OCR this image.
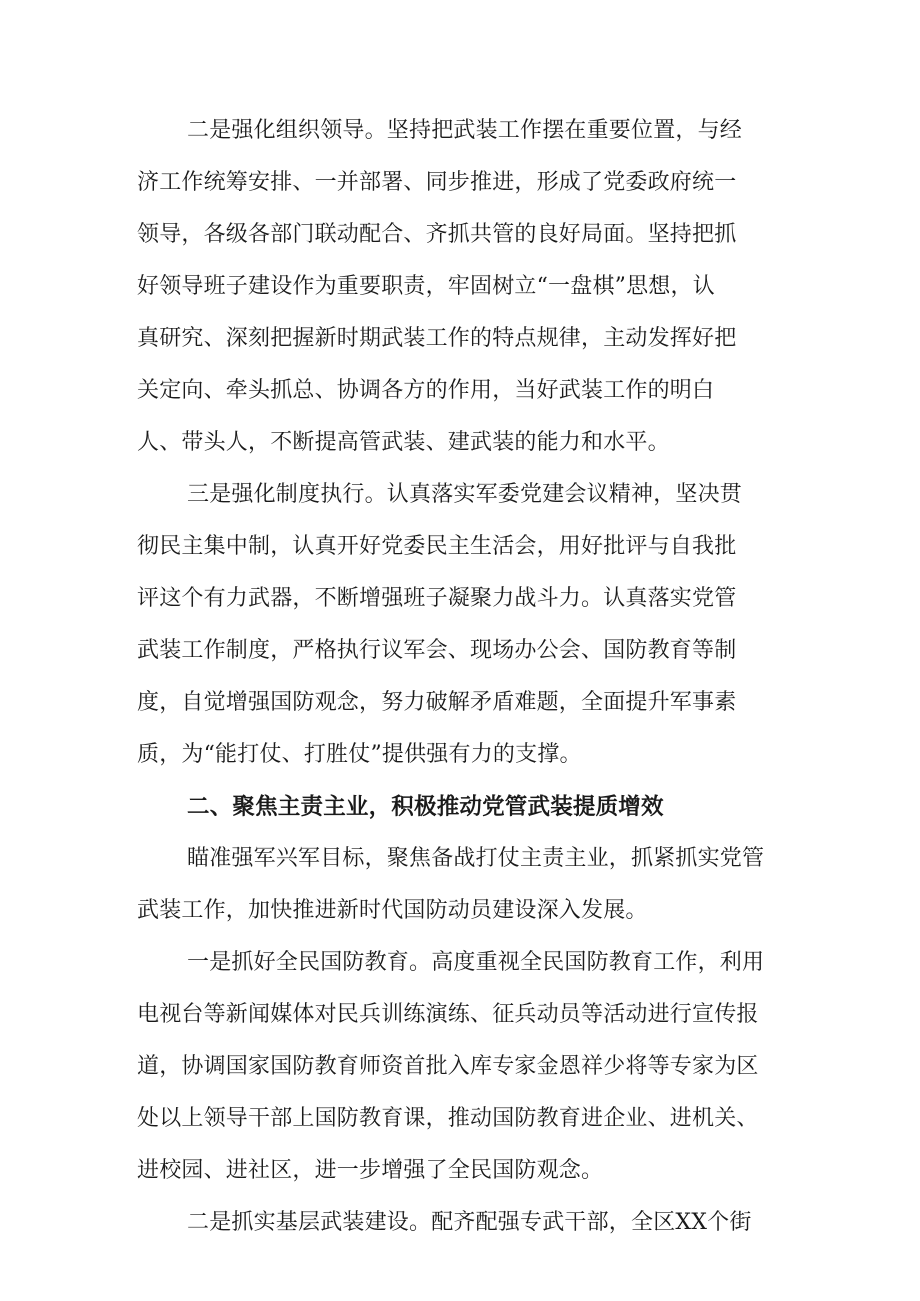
二是强化组织领导。坚持把武装工作摆在重要位置，与经
济工作统筹安排、一并部署、同步推进，形成了党委政府统一
领导，各级各部门联动配合、齐抓共管的良好局面。坚持把抓
好领导班子建设作为重要职责，牢固树立“一盘棋”思想，认
真研究、深刻把握新时期武装工作的特点规律，主动发挥好把
关定向、牵头抓总、协调各方的作用，当好武装工作的明白
人、带头人，不断提高管武装、建武装的能力和水平。
三是强化制度执行。认真落实军委党建会议精神，坚决贯
彻民主集中制，认真开好党委民主生活会，用好批评与自我批
评这个有力武器，不断增强班子凝聚力战斗力。认真落实党管
武装工作制度，严格执行议军会、现场办公会、国防教育等制
度，自觉增强国防观念，努力破解矛盾难题，全面提升军事素
质，为“能打仗、打胜仗”提供强有力的支撑。
二、聚焦主责主业，积极推动党管武装提质增效
瞄准强军兴军目标，聚焦备战打仗主责主业，抓紧抓实党管
武装工作，加快推进新时代国防动员建设深入发展。
一是抓好全民国防教育。高度重视全民国防教育工作，利用
电视台等新闻媒体对民兵训练演练、征兵动员等活动进行宣传报
道，协调国家国防教育师资首批入库专家金恩祥少将等专家为区
处以上领导干部上国防教育课，推动国防教育进企业、进机关、
进校园、进社区，进一步增强了全民国防观念。
二是抓实基层武装建设。配齐配强专武干部，全区XX个街
